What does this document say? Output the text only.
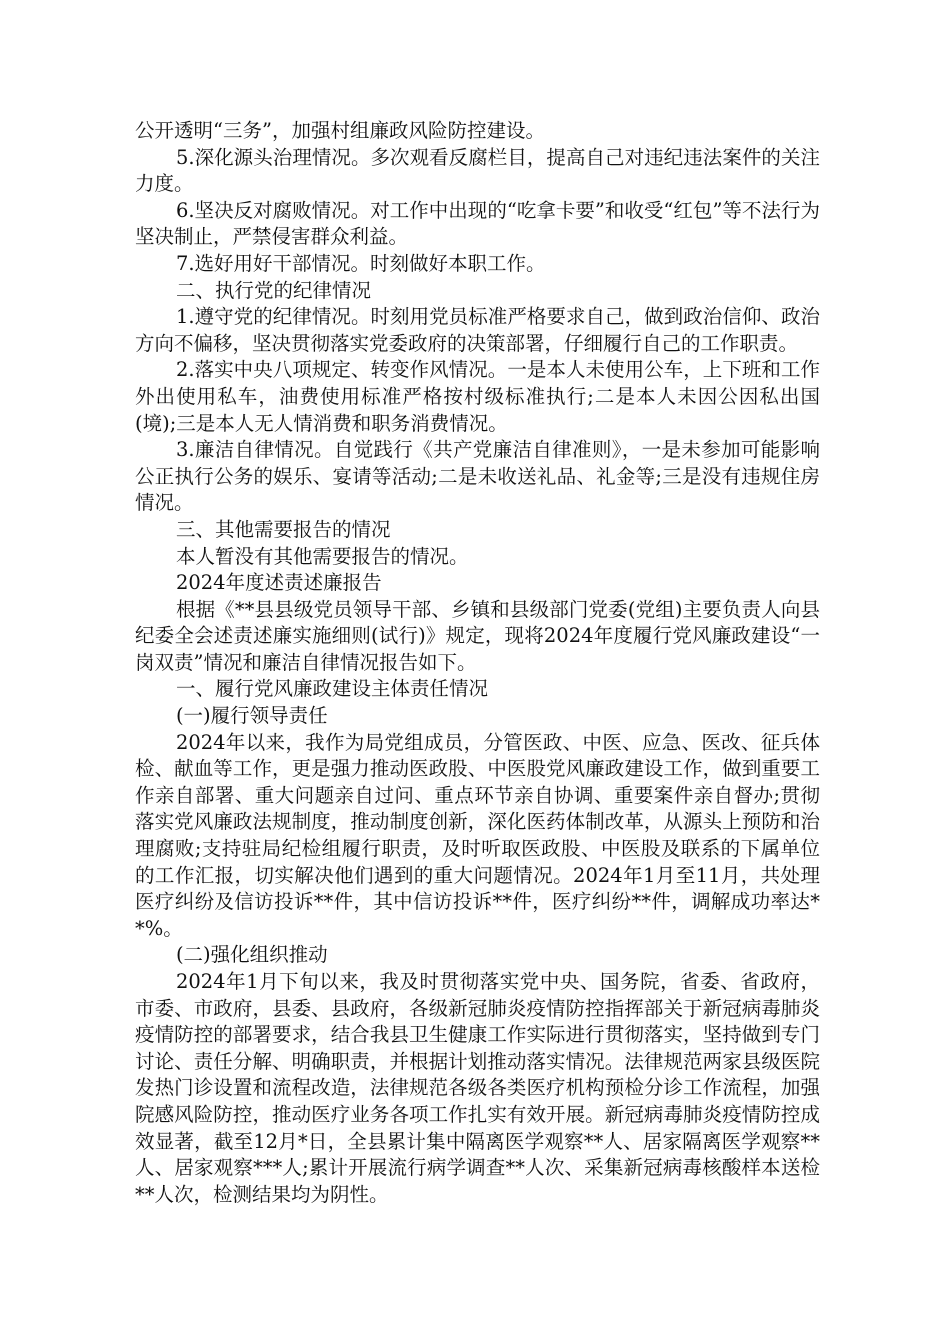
公开透明“三务”，加强村组廉政风险防控建设。

5.深化源头治理情况。多次观看反腐栏目，提高自己对违纪违法案件的关注力度。

6.坚决反对腐败情况。对工作中出现的“吃拿卡要”和收受“红包”等不法行为坚决制止，严禁侵害群众利益。

7.选好用好干部情况。时刻做好本职工作。

二、执行党的纪律情况

1.遵守党的纪律情况。时刻用党员标准严格要求自己，做到政治信仰、政治方向不偏移，坚决贯彻落实党委政府的决策部署，仔细履行自己的工作职责。

2.落实中央八项规定、转变作风情况。一是本人未使用公车，上下班和工作外出使用私车，油费使用标准严格按村级标准执行;二是本人未因公因私出国(境);三是本人无人情消费和职务消费情况。

3.廉洁自律情况。自觉践行《共产党廉洁自律准则》，一是未参加可能影响公正执行公务的娱乐、宴请等活动;二是未收送礼品、礼金等;三是没有违规住房情况。

三、其他需要报告的情况

本人暂没有其他需要报告的情况。

2024年度述责述廉报告

根据《**县县级党员领导干部、乡镇和县级部门党委(党组)主要负责人向县纪委全会述责述廉实施细则(试行)》规定，现将2024年度履行党风廉政建设“一岗双责”情况和廉洁自律情况报告如下。

一、履行党风廉政建设主体责任情况

(一)履行领导责任

2024年以来，我作为局党组成员，分管医政、中医、应急、医改、征兵体检、献血等工作，更是强力推动医政股、中医股党风廉政建设工作，做到重要工作亲自部署、重大问题亲自过问、重点环节亲自协调、重要案件亲自督办;贯彻落实党风廉政法规制度，推动制度创新，深化医药体制改革，从源头上预防和治理腐败;支持驻局纪检组履行职责，及时听取医政股、中医股及联系的下属单位的工作汇报，切实解决他们遇到的重大问题情况。2024年1月至11月，共处理医疗纠纷及信访投诉**件，其中信访投诉**件，医疗纠纷**件，调解成功率达**%。

(二)强化组织推动

2024年1月下旬以来，我及时贯彻落实党中央、国务院，省委、省政府，市委、市政府，县委、县政府，各级新冠肺炎疫情防控指挥部关于新冠病毒肺炎疫情防控的部署要求，结合我县卫生健康工作实际进行贯彻落实，坚持做到专门讨论、责任分解、明确职责，并根据计划推动落实情况。法律规范两家县级医院发热门诊设置和流程改造，法律规范各级各类医疗机构预检分诊工作流程，加强院感风险防控，推动医疗业务各项工作扎实有效开展。新冠病毒肺炎疫情防控成效显著，截至12月*日，全县累计集中隔离医学观察**人、居家隔离医学观察**人、居家观察***人;累计开展流行病学调查**人次、采集新冠病毒核酸样本送检**人次，检测结果均为阴性。
